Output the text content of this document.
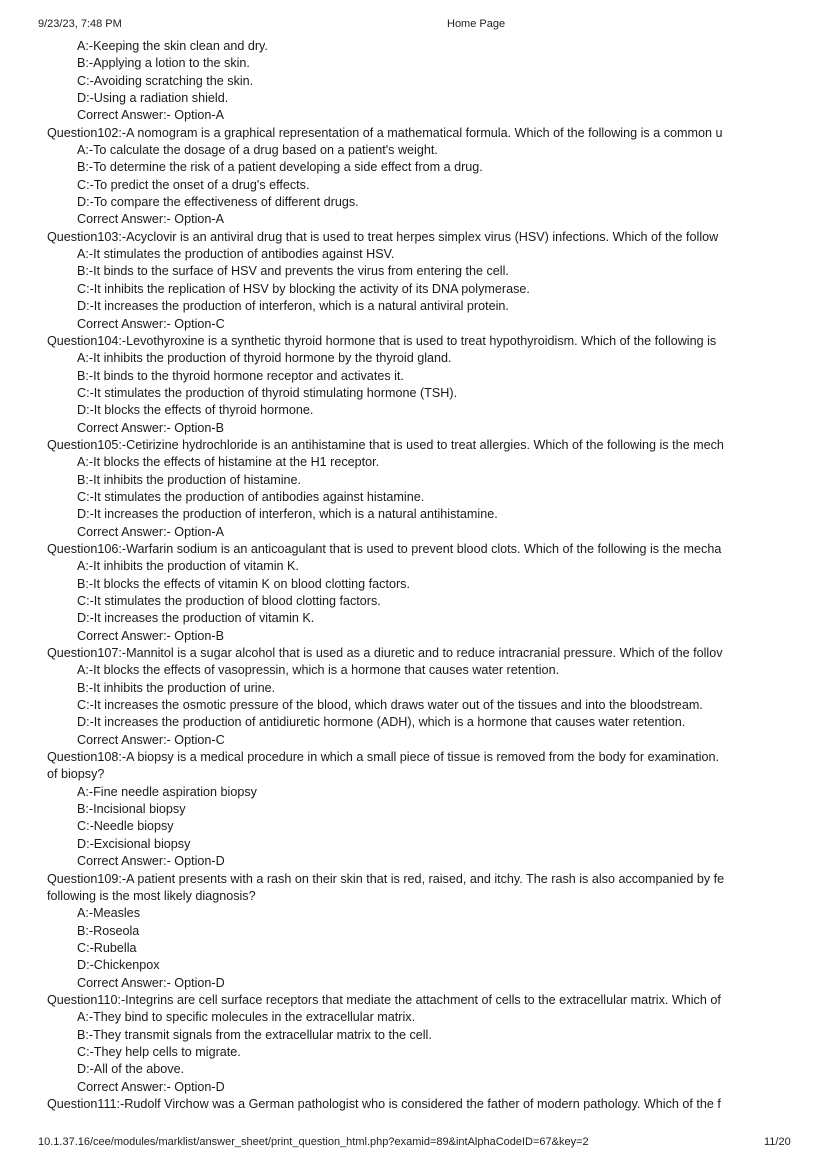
9/23/23, 7:48 PM	Home Page
A:-Keeping the skin clean and dry.
B:-Applying a lotion to the skin.
C:-Avoiding scratching the skin.
D:-Using a radiation shield.
Correct Answer:- Option-A
Question102:-A nomogram is a graphical representation of a mathematical formula. Which of the following is a common u
A:-To calculate the dosage of a drug based on a patient's weight.
B:-To determine the risk of a patient developing a side effect from a drug.
C:-To predict the onset of a drug's effects.
D:-To compare the effectiveness of different drugs.
Correct Answer:- Option-A
Question103:-Acyclovir is an antiviral drug that is used to treat herpes simplex virus (HSV) infections. Which of the follow
A:-It stimulates the production of antibodies against HSV.
B:-It binds to the surface of HSV and prevents the virus from entering the cell.
C:-It inhibits the replication of HSV by blocking the activity of its DNA polymerase.
D:-It increases the production of interferon, which is a natural antiviral protein.
Correct Answer:- Option-C
Question104:-Levothyroxine is a synthetic thyroid hormone that is used to treat hypothyroidism. Which of the following is
A:-It inhibits the production of thyroid hormone by the thyroid gland.
B:-It binds to the thyroid hormone receptor and activates it.
C:-It stimulates the production of thyroid stimulating hormone (TSH).
D:-It blocks the effects of thyroid hormone.
Correct Answer:- Option-B
Question105:-Cetirizine hydrochloride is an antihistamine that is used to treat allergies. Which of the following is the mech
A:-It blocks the effects of histamine at the H1 receptor.
B:-It inhibits the production of histamine.
C:-It stimulates the production of antibodies against histamine.
D:-It increases the production of interferon, which is a natural antihistamine.
Correct Answer:- Option-A
Question106:-Warfarin sodium is an anticoagulant that is used to prevent blood clots. Which of the following is the mecha
A:-It inhibits the production of vitamin K.
B:-It blocks the effects of vitamin K on blood clotting factors.
C:-It stimulates the production of blood clotting factors.
D:-It increases the production of vitamin K.
Correct Answer:- Option-B
Question107:-Mannitol is a sugar alcohol that is used as a diuretic and to reduce intracranial pressure. Which of the follov
A:-It blocks the effects of vasopressin, which is a hormone that causes water retention.
B:-It inhibits the production of urine.
C:-It increases the osmotic pressure of the blood, which draws water out of the tissues and into the bloodstream.
D:-It increases the production of antidiuretic hormone (ADH), which is a hormone that causes water retention.
Correct Answer:- Option-C
Question108:-A biopsy is a medical procedure in which a small piece of tissue is removed from the body for examination.
of biopsy?
A:-Fine needle aspiration biopsy
B:-Incisional biopsy
C:-Needle biopsy
D:-Excisional biopsy
Correct Answer:- Option-D
Question109:-A patient presents with a rash on their skin that is red, raised, and itchy. The rash is also accompanied by fe
following is the most likely diagnosis?
A:-Measles
B:-Roseola
C:-Rubella
D:-Chickenpox
Correct Answer:- Option-D
Question110:-Integrins are cell surface receptors that mediate the attachment of cells to the extracellular matrix. Which of
A:-They bind to specific molecules in the extracellular matrix.
B:-They transmit signals from the extracellular matrix to the cell.
C:-They help cells to migrate.
D:-All of the above.
Correct Answer:- Option-D
Question111:-Rudolf Virchow was a German pathologist who is considered the father of modern pathology. Which of the f
10.1.37.16/cee/modules/marklist/answer_sheet/print_question_html.php?examid=89&intAlphaCodeID=67&key=2	11/20
